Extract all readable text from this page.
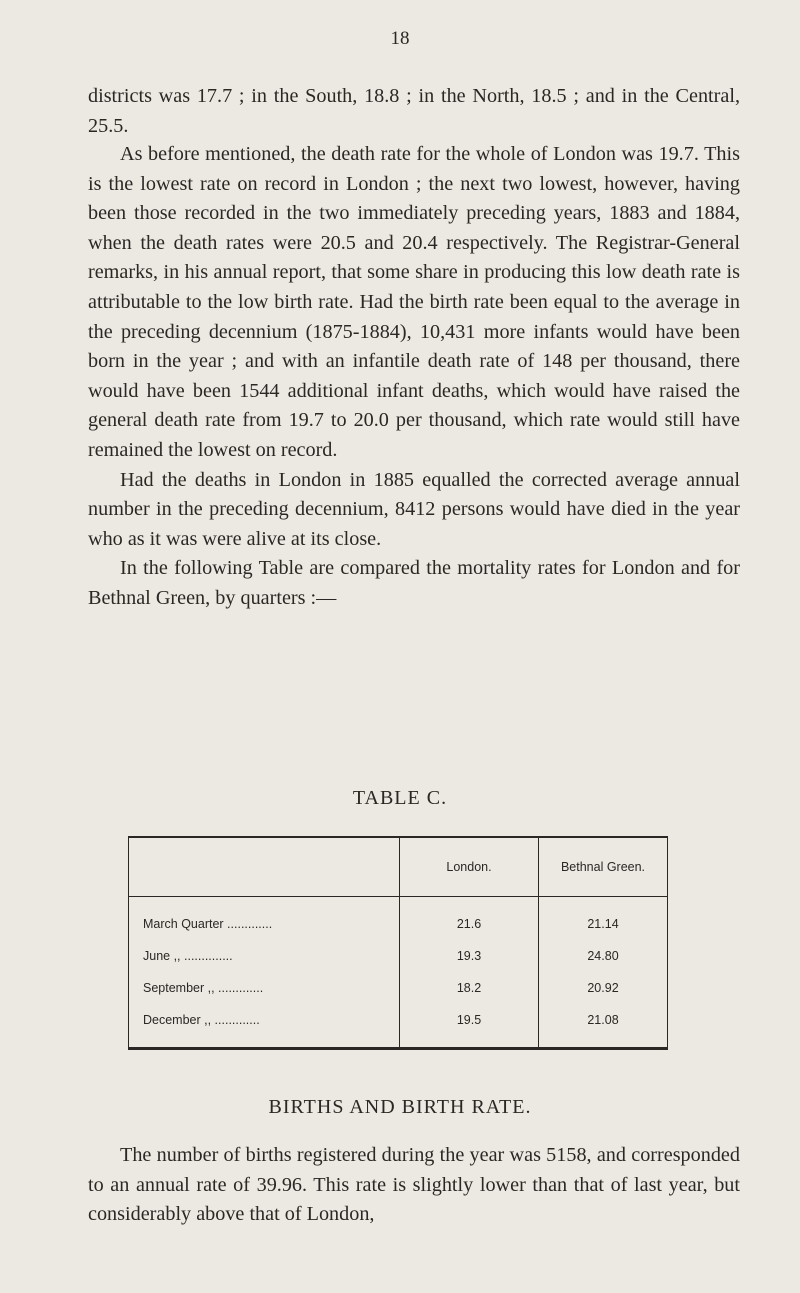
18

districts was 17.7 ; in the South, 18.8 ; in the North, 18.5 ; and in the Central, 25.5.

As before mentioned, the death rate for the whole of London was 19.7. This is the lowest rate on record in London ; the next two lowest, however, having been those recorded in the two immediately preceding years, 1883 and 1884, when the death rates were 20.5 and 20.4 respectively. The Registrar-General remarks, in his annual report, that some share in producing this low death rate is attributable to the low birth rate. Had the birth rate been equal to the average in the preceding decennium (1875-1884), 10,431 more infants would have been born in the year ; and with an infantile death rate of 148 per thousand, there would have been 1544 additional infant deaths, which would have raised the general death rate from 19.7 to 20.0 per thousand, which rate would still have remained the lowest on record.

Had the deaths in London in 1885 equalled the corrected average annual number in the preceding decennium, 8412 persons would have died in the year who as it was were alive at its close.

In the following Table are compared the mortality rates for London and for Bethnal Green, by quarters :—

TABLE C.
	London.	Bethnal Green.
March Quarter .............	21.6	21.14
June ,, ..............	19.3	24.80
September ,, .............	18.2	20.92
December ,, .............	19.5	21.08
BIRTHS AND BIRTH RATE.

The number of births registered during the year was 5158, and corresponded to an annual rate of 39.96. This rate is slightly lower than that of last year, but considerably above that of London,
